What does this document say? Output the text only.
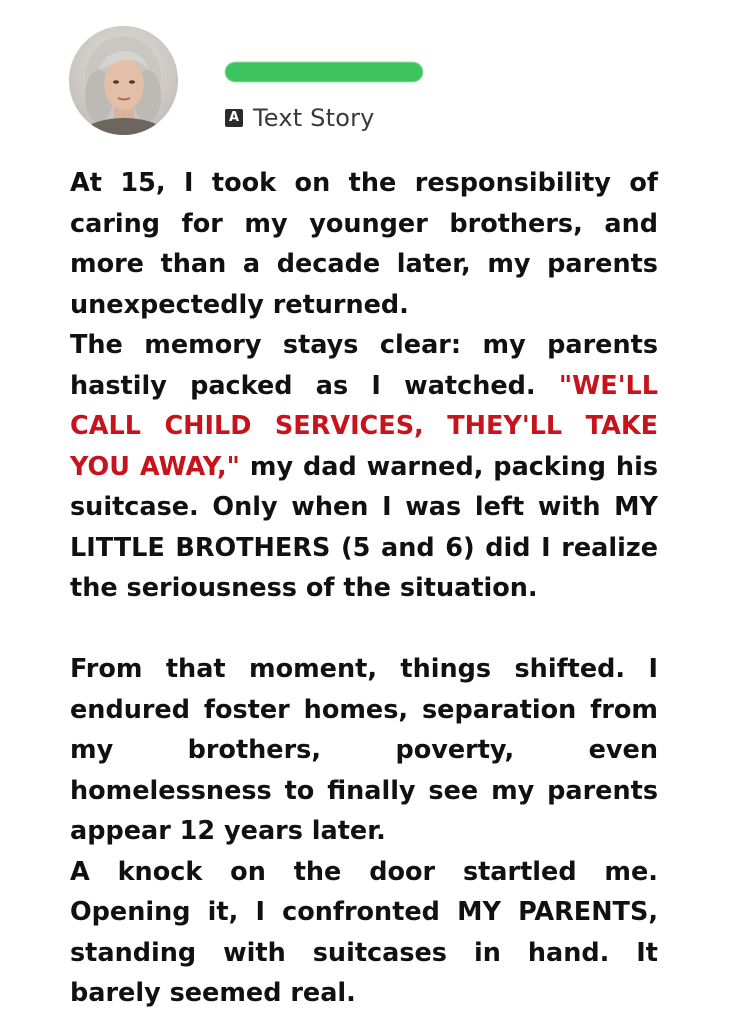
A Text Story

At 15, I took on the responsibility of caring for my younger brothers, and more than a decade later, my parents unexpectedly returned.

The memory stays clear: my parents hastily packed as I watched. "WE'LL CALL CHILD SERVICES, THEY'LL TAKE YOU AWAY," my dad warned, packing his suitcase. Only when I was left with MY LITTLE BROTHERS (5 and 6) did I realize the seriousness of the situation.

From that moment, things shifted. I endured foster homes, separation from my brothers, poverty, even homelessness to finally see my parents appear 12 years later.

A knock on the door startled me. Opening it, I confronted MY PARENTS, standing with suitcases in hand. It barely seemed real.
